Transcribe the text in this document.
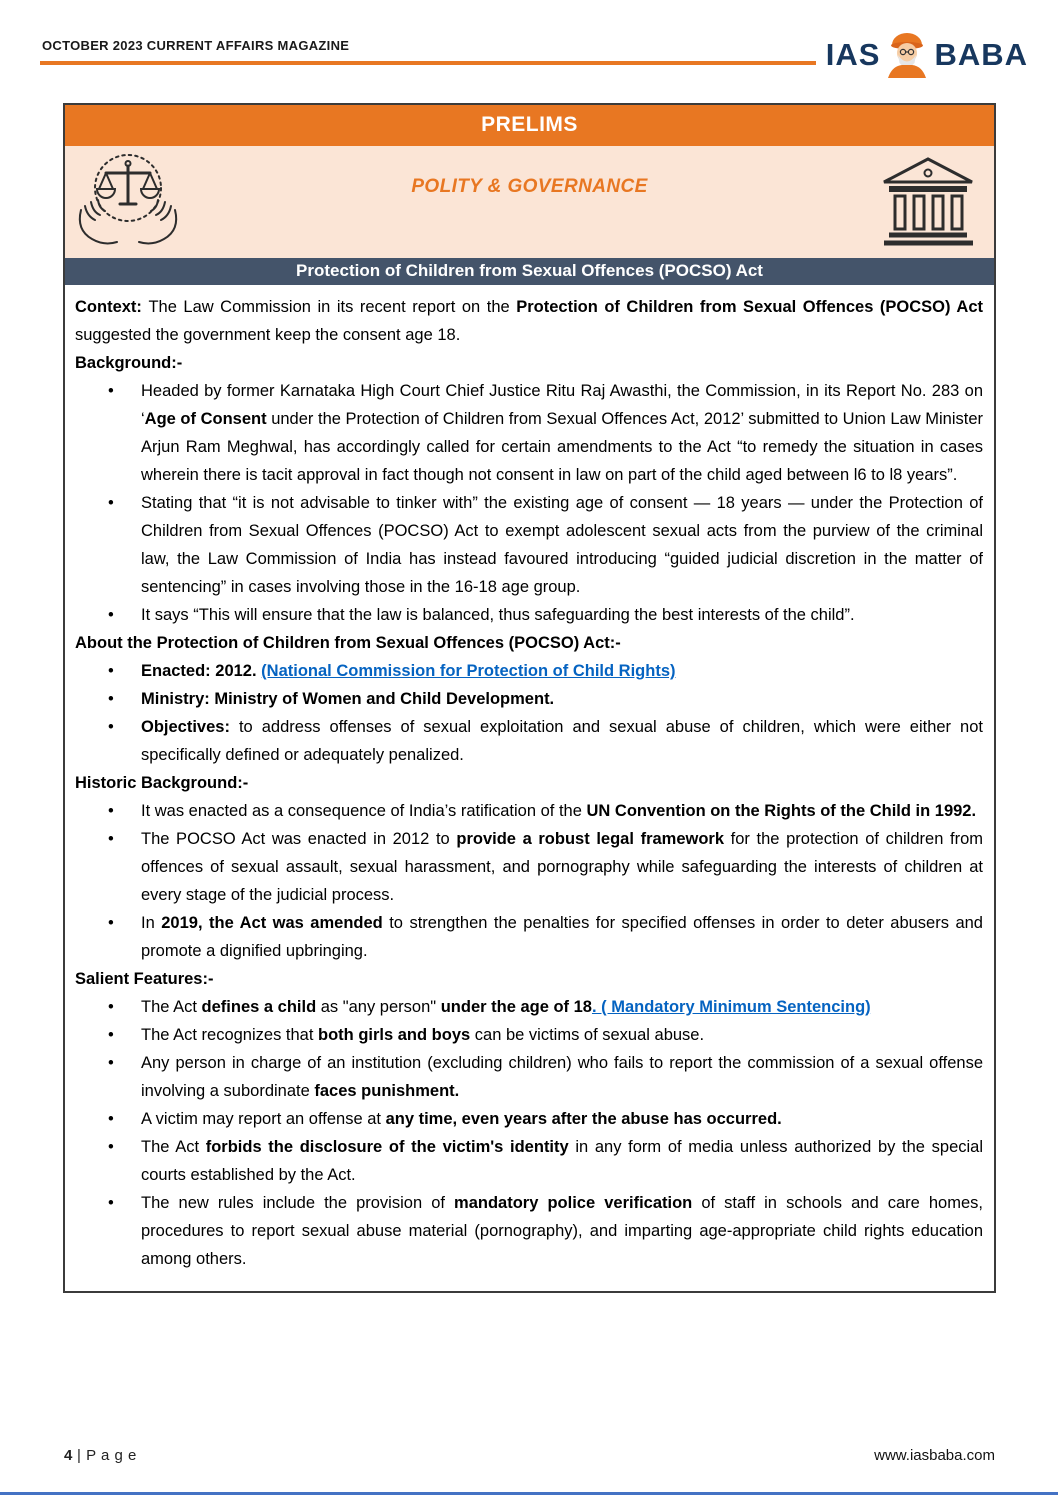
OCTOBER 2023 CURRENT AFFAIRS MAGAZINE	IAS BABA
PRELIMS
POLITY & GOVERNANCE
Protection of Children from Sexual Offences (POCSO) Act
Context: The Law Commission in its recent report on the Protection of Children from Sexual Offences (POCSO) Act suggested the government keep the consent age 18.
Background:-
•	Headed by former Karnataka High Court Chief Justice Ritu Raj Awasthi, the Commission, in its Report No. 283 on ‘Age of Consent under the Protection of Children from Sexual Offences Act, 2012’ submitted to Union Law Minister Arjun Ram Meghwal, has accordingly called for certain amendments to the Act “to remedy the situation in cases wherein there is tacit approval in fact though not consent in law on part of the child aged between l6 to l8 years”.
•	Stating that “it is not advisable to tinker with” the existing age of consent — 18 years — under the Protection of Children from Sexual Offences (POCSO) Act to exempt adolescent sexual acts from the purview of the criminal law, the Law Commission of India has instead favoured introducing “guided judicial discretion in the matter of sentencing” in cases involving those in the 16-18 age group.
•	It says “This will ensure that the law is balanced, thus safeguarding the best interests of the child”.
About the Protection of Children from Sexual Offences (POCSO) Act:-
•	Enacted: 2012. (National Commission for Protection of Child Rights)
•	Ministry: Ministry of Women and Child Development.
•	Objectives: to address offenses of sexual exploitation and sexual abuse of children, which were either not specifically defined or adequately penalized.
Historic Background:-
•	It was enacted as a consequence of India’s ratification of the UN Convention on the Rights of the Child in 1992.
•	The POCSO Act was enacted in 2012 to provide a robust legal framework for the protection of children from offences of sexual assault, sexual harassment, and pornography while safeguarding the interests of children at every stage of the judicial process.
•	In 2019, the Act was amended to strengthen the penalties for specified offenses in order to deter abusers and promote a dignified upbringing.
Salient Features:-
•	The Act defines a child as "any person" under the age of 18. ( Mandatory Minimum Sentencing)
•	The Act recognizes that both girls and boys can be victims of sexual abuse.
•	Any person in charge of an institution (excluding children) who fails to report the commission of a sexual offense involving a subordinate faces punishment.
•	A victim may report an offense at any time, even years after the abuse has occurred.
•	The Act forbids the disclosure of the victim's identity in any form of media unless authorized by the special courts established by the Act.
•	The new rules include the provision of mandatory police verification of staff in schools and care homes, procedures to report sexual abuse material (pornography), and imparting age-appropriate child rights education among others.
4 | P a g e	www.iasbaba.com
